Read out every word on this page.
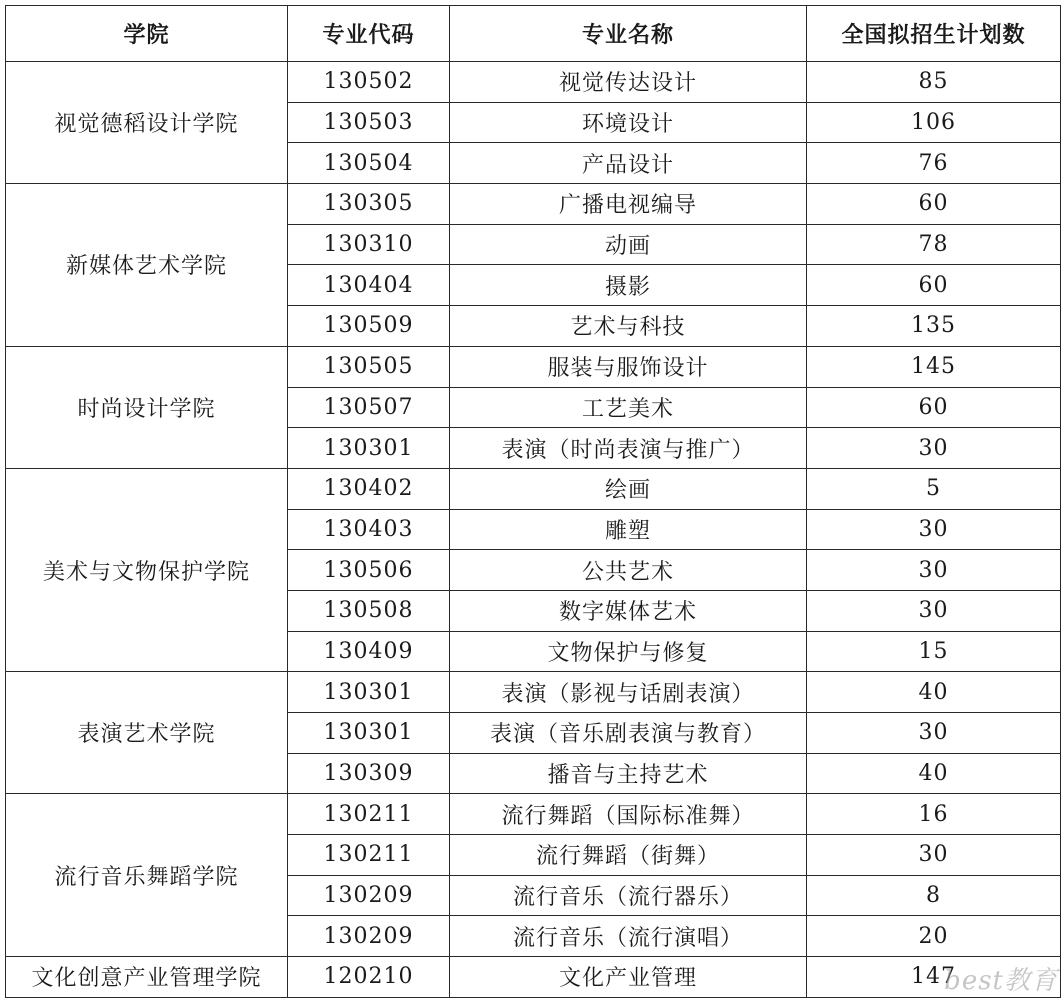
学院	专业代码	专业名称	全国拟招生计划数
视觉德稻设计学院	130502	视觉传达设计	85
	130503	环境设计	106
	130504	产品设计	76
新媒体艺术学院	130305	广播电视编导	60
	130310	动画	78
	130404	摄影	60
	130509	艺术与科技	135
时尚设计学院	130505	服装与服饰设计	145
	130507	工艺美术	60
	130301	表演（时尚表演与推广）	30
美术与文物保护学院	130402	绘画	5
	130403	雕塑	30
	130506	公共艺术	30
	130508	数字媒体艺术	30
	130409	文物保护与修复	15
表演艺术学院	130301	表演（影视与话剧表演）	40
	130301	表演（音乐剧表演与教育）	30
	130309	播音与主持艺术	40
流行音乐舞蹈学院	130211	流行舞蹈（国际标准舞）	16
	130211	流行舞蹈（街舞）	30
	130209	流行音乐（流行器乐）	8
	130209	流行音乐（流行演唱）	20
文化创意产业管理学院	120210	文化产业管理	147
best教育
